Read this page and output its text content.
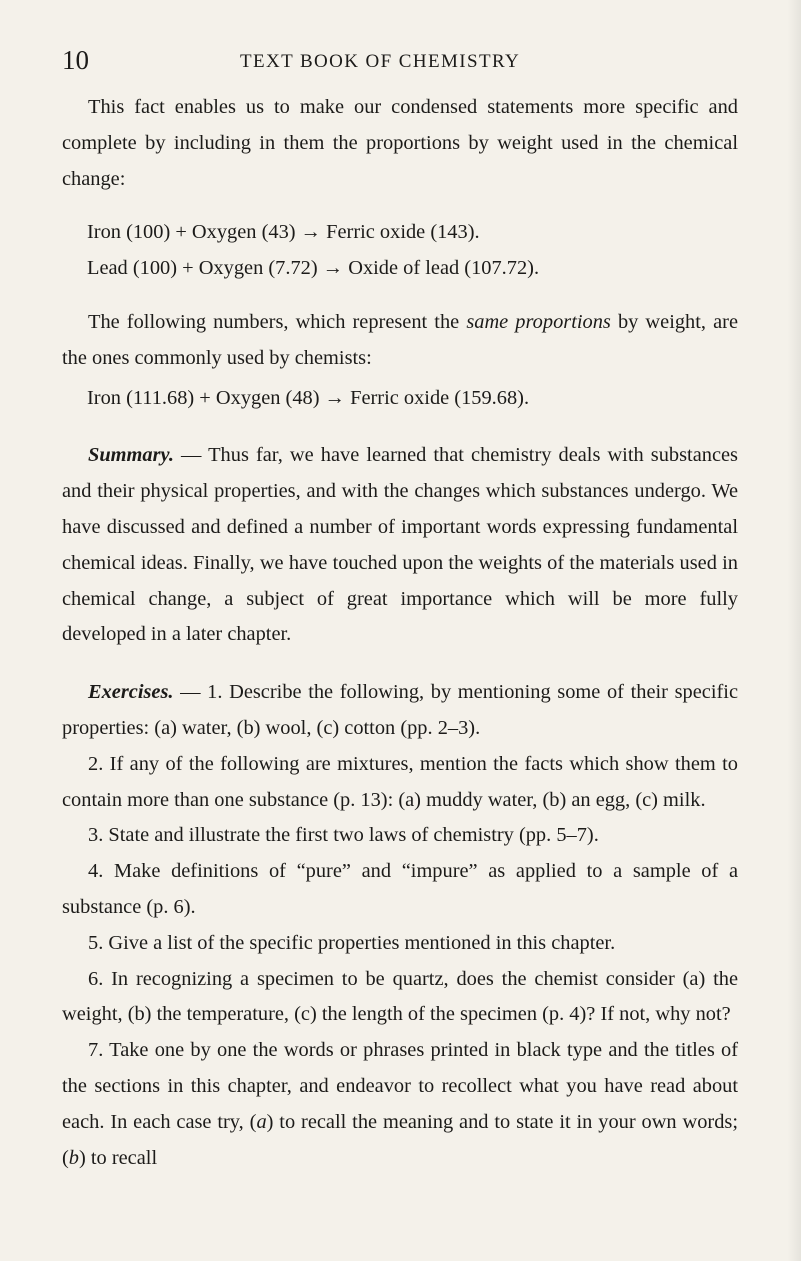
10	TEXT BOOK OF CHEMISTRY

This fact enables us to make our condensed statements more specific and complete by including in them the proportions by weight used in the chemical change:

Iron (100) + Oxygen (43) → Ferric oxide (143).

Lead (100) + Oxygen (7.72) → Oxide of lead (107.72).

The following numbers, which represent the same proportions by weight, are the ones commonly used by chemists:

Iron (111.68) + Oxygen (48) → Ferric oxide (159.68).

Summary. — Thus far, we have learned that chemistry deals with substances and their physical properties, and with the changes which substances undergo. We have discussed and defined a number of important words expressing fundamental chemical ideas. Finally, we have touched upon the weights of the materials used in chemical change, a subject of great importance which will be more fully developed in a later chapter.

Exercises. — 1. Describe the following, by mentioning some of their specific properties: (a) water, (b) wool, (c) cotton (pp. 2–3).

2. If any of the following are mixtures, mention the facts which show them to contain more than one substance (p. 13): (a) muddy water, (b) an egg, (c) milk.

3. State and illustrate the first two laws of chemistry (pp. 5–7).

4. Make definitions of “pure” and “impure” as applied to a sample of a substance (p. 6).

5. Give a list of the specific properties mentioned in this chapter.

6. In recognizing a specimen to be quartz, does the chemist consider (a) the weight, (b) the temperature, (c) the length of the specimen (p. 4)? If not, why not?

7. Take one by one the words or phrases printed in black type and the titles of the sections in this chapter, and endeavor to recollect what you have read about each. In each case try, (a) to recall the meaning and to state it in your own words; (b) to recall
